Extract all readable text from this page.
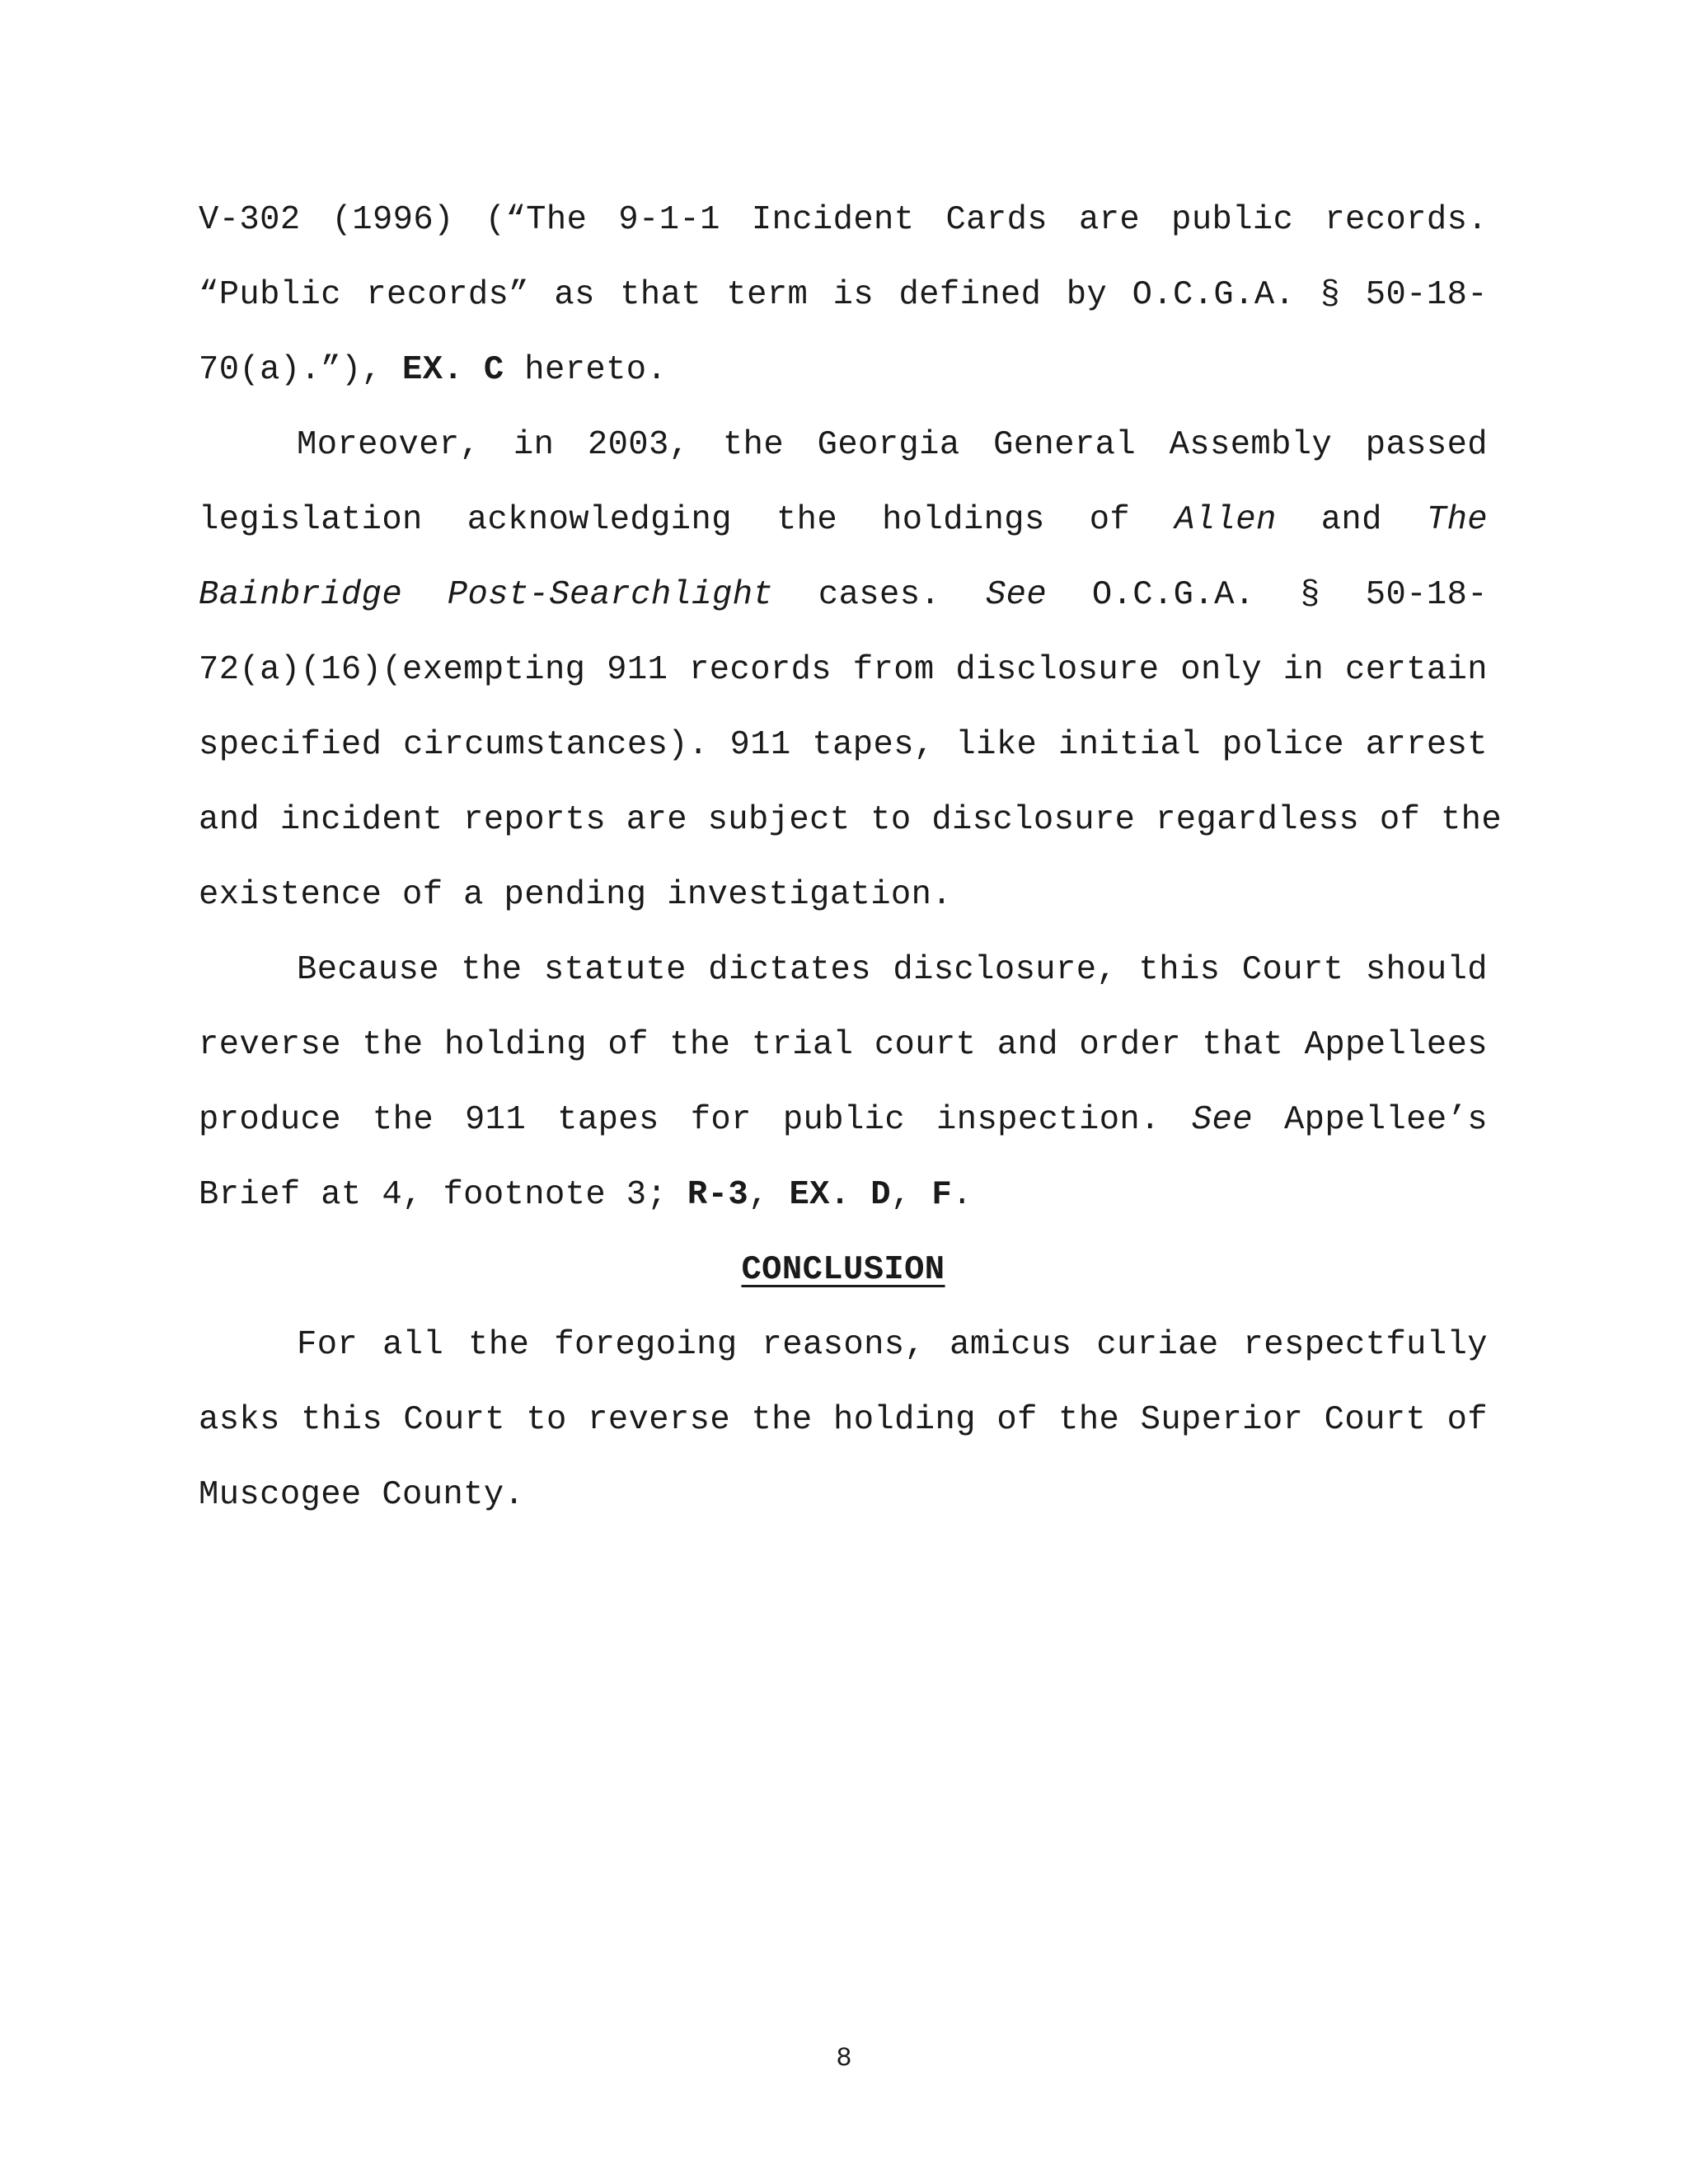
V-302 (1996) (“The 9-1-1 Incident Cards are public records.
“Public records” as that term is defined by O.C.G.A. § 50-18-
70(a).”), EX. C hereto.
Moreover, in 2003, the Georgia General Assembly passed
legislation acknowledging the holdings of Allen and The
Bainbridge Post-Searchlight cases. See O.C.G.A. § 50-18-
72(a)(16)(exempting 911 records from disclosure only in certain
specified circumstances). 911 tapes, like initial police arrest
and incident reports are subject to disclosure regardless of the
existence of a pending investigation.
Because the statute dictates disclosure, this Court should
reverse the holding of the trial court and order that Appellees
produce the 911 tapes for public inspection. See Appellee’s
Brief at 4, footnote 3; R-3, EX. D, F.
CONCLUSION
For all the foregoing reasons, amicus curiae respectfully
asks this Court to reverse the holding of the Superior Court of
Muscogee County.
8
